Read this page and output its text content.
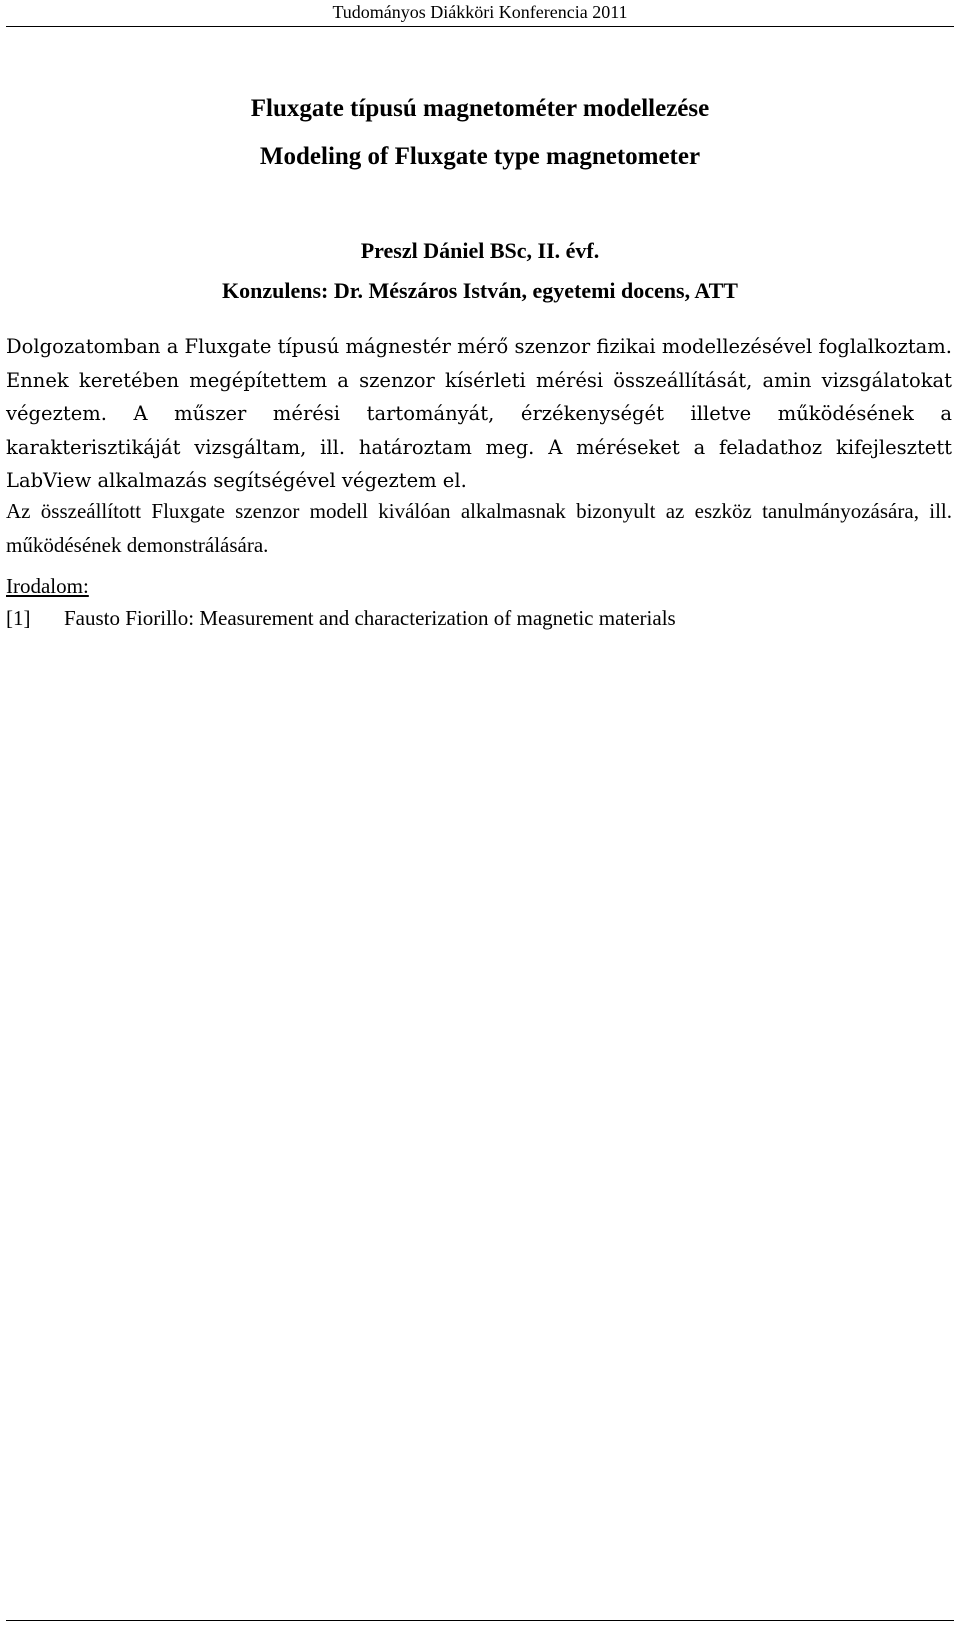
Tudományos Diákköri Konferencia 2011
Fluxgate típusú magnetométer modellezése
Modeling of Fluxgate type magnetometer
Preszl Dániel BSc, II. évf.
Konzulens: Dr. Mészáros István, egyetemi docens, ATT
Dolgozatomban a Fluxgate típusú mágnestér mérő szenzor fizikai modellezésével foglalkoztam. Ennek keretében megépítettem a szenzor kísérleti mérési összeállítását, amin vizsgálatokat végeztem. A műszer mérési tartományát, érzékenységét illetve működésének a karakterisztikáját vizsgáltam, ill. határoztam meg. A méréseket a feladathoz kifejlesztett LabView alkalmazás segítségével végeztem el.
Az összeállított Fluxgate szenzor modell kiválóan alkalmasnak bizonyult az eszköz tanulmányozására, ill. működésének demonstrálására.
Irodalom:
[1] Fausto Fiorillo: Measurement and characterization of magnetic materials
